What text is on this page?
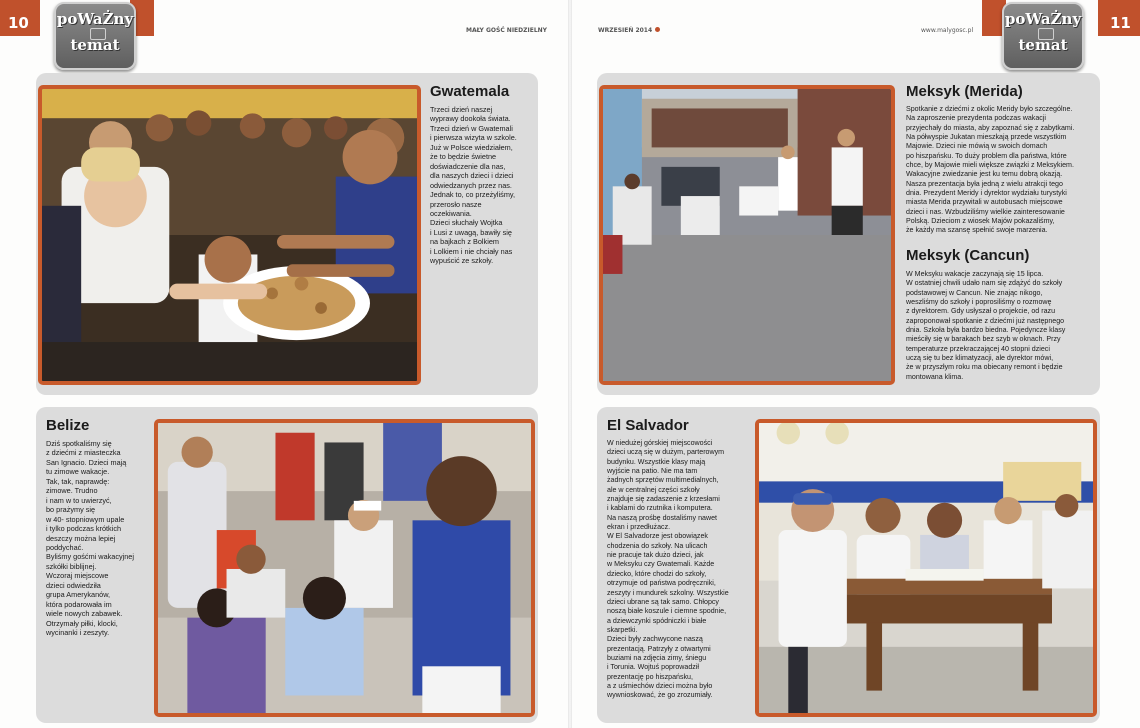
10 poWaŻny
temat
MAŁY GOŚĆ NIEDZIELNY	WRZESIEŃ 2014	www.malygosc.pl	11
poWaŻny
temat
Gwatemala
Trzeci dzień naszej
wyprawy dookoła świata.
Trzeci dzień w Gwatemali
i pierwsza wizyta w szkole.
Już w Polsce wiedziałem,
że to będzie świetne
doświadczenie dla nas,
dla naszych dzieci i dzieci
odwiedzanych przez nas.
Jednak to, co przeżyliśmy,
przerosło nasze
oczekiwania.
Dzieci słuchały Wojtka
i Lusi z uwagą, bawiły się
na bajkach z Bolkiem
i Lolkiem i nie chciały nas
wypuścić ze szkoły.
Meksyk (Merida)
Spotkanie z dziećmi z okolic Meridy było szczególne.
Na zaproszenie prezydenta podczas wakacji
przyjechały do miasta, aby zapoznać się z zabytkami.
Na półwyspie Jukatan mieszkają przede wszystkim
Majowie. Dzieci nie mówią w swoich domach
po hiszpańsku. To duży problem dla państwa, które
chce, by Majowie mieli większe związki z Meksykiem.
Wakacyjne zwiedzanie jest ku temu dobrą okazją.
Nasza prezentacja była jedną z wielu atrakcji tego
dnia. Prezydent Meridy i dyrektor wydziału turystyki
miasta Merida przywitali w autobusach miejscowe
dzieci i nas. Wzbudziliśmy wielkie zainteresowanie
Polską. Dzieciom z wiosek Majów pokazaliśmy,
że każdy ma szansę spełnić swoje marzenia.
Meksyk (Cancun)
W Meksyku wakacje zaczynają się 15 lipca.
W ostatniej chwili udało nam się zdążyć do szkoły
podstawowej w Cancun. Nie znając nikogo,
weszliśmy do szkoły i poprosiliśmy o rozmowę
z dyrektorem. Gdy usłyszał o projekcie, od razu
zaproponował spotkanie z dziećmi już następnego
dnia. Szkoła była bardzo biedna. Pojedyncze klasy
mieściły się w barakach bez szyb w oknach. Przy
temperaturze przekraczającej 40 stopni dzieci
uczą się tu bez klimatyzacji, ale dyrektor mówi,
że w przyszłym roku ma obiecany remont i będzie
montowana klima.
Belize
Dziś spotkaliśmy się
z dziećmi z miasteczka
San Ignacio. Dzieci mają
tu zimowe wakacje.
Tak, tak, naprawdę:
zimowe. Trudno
i nam w to uwierzyć,
bo prażymy się
w 40- stopniowym upale
i tylko podczas krótkich
deszczy można lepiej
poddychać.
Byliśmy gośćmi wakacyjnej
szkółki biblijnej.
Wczoraj miejscowe
dzieci odwiedziła
grupa Amerykanów,
która podarowała im
wiele nowych zabawek.
Otrzymały piłki, klocki,
wycinanki i zeszyty.
El Salvador
W niedużej górskiej miejscowości
dzieci uczą się w dużym, parterowym
budynku. Wszystkie klasy mają
wyjście na patio. Nie ma tam
żadnych sprzętów multimedialnych,
ale w centralnej części szkoły
znajduje się zadaszenie z krzesłami
i kablami do rzutnika i komputera.
Na naszą prośbę dostaliśmy nawet
ekran i przedłużacz.
W El Salvadorze jest obowiązek
chodzenia do szkoły. Na ulicach
nie pracuje tak dużo dzieci, jak
w Meksyku czy Gwatemali. Każde
dziecko, które chodzi do szkoły,
otrzymuje od państwa podręczniki,
zeszyty i mundurek szkolny. Wszystkie
dzieci ubrane są tak samo. Chłopcy
noszą białe koszule i ciemne spodnie,
a dziewczynki spódniczki i białe
skarpetki.
Dzieci były zachwycone naszą
prezentacją. Patrzyły z otwartymi
buziami na zdjęcia zimy, śniegu
i Torunia. Wojtuś poprowadził
prezentację po hiszpańsku,
a z uśmiechów dzieci można było
wywnioskować, że go zrozumiały.
